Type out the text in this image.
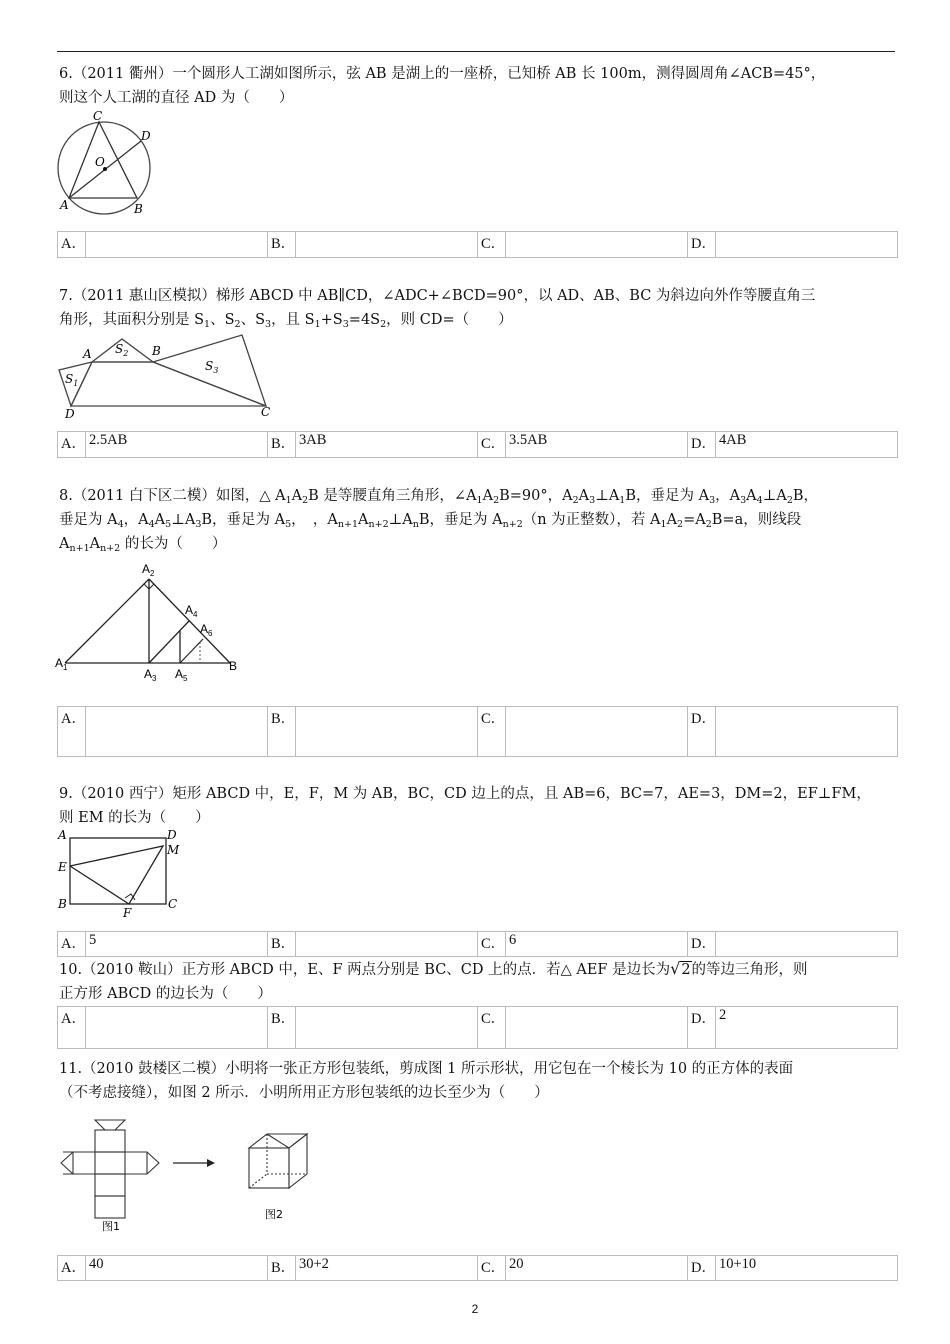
6.（2011 衢州）一个圆形人工湖如图所示，弦 AB 是湖上的一座桥，已知桥 AB 长 100m，测得圆周角∠ACB=45°，
则这个人工湖的直径 AD 为（　　）
C
D
O
A	B
A．		B．		C．		D．	
7.（2011 惠山区模拟）梯形 ABCD 中 AB∥CD，∠ADC+∠BCD=90°，以 AD、AB、BC 为斜边向外作等腰直角三
角形，其面积分别是 $S_1$、$S_2$、$S_3$，且 $S_1+S_3=4S_2$，则 CD=（　　）
A $S_2$ B
$S_1$
$S_3$
D	C
A．	2.5AB	B．	3AB	C．	3.5AB	D．	4AB
8.（2011 白下区二模）如图，△ $A_1A_2B$ 是等腰直角三角形，$\angle A_1A_2B=90^\circ$，$A_2A_3\perp A_1B$，垂足为 $A_3$，$A_3A_4\perp A_2B$，
垂足为 $A_4$，$A_4A_5\perp A_3B$，垂足为 $A_5$，　，$A_{n+1}A_{n+2}\perp A_nB$，垂足为 $A_{n+2}(n$ 为正整数），若 $A_1A_2=A_2B=a$，则线段
$A_{n+1}A_{n+2}$ 的长为（　　）
$A_2$
$A_4$
$A_6$
$A_1$	$A_3$ $A_5$
B
A．		B．		C．		D．	
9.（2010 西宁）矩形 ABCD 中，E，F，M 为 AB，BC，CD 边上的点，且 AB=6，BC=7，AE=3，DM=2，EF⊥FM，
则 EM 的长为（　　）
A	D
M
E
B
F
C
A．	5	B．		C．	6	D．	
10.（2010 鞍山）正方形 ABCD 中，E、F 两点分别是 BC、CD 上的点．若△ AEF 是边长为√2的等边三角形，则
正方形 ABCD 的边长为（　　）
A．		B．		C．		D．	2
11.（2010 鼓楼区二模）小明将一张正方形包装纸，剪成图 1 所示形状，用它包在一个棱长为 10 的正方体的表面
（不考虑接缝），如图 2 所示．小明所用正方形包装纸的边长至少为（　　）
图1
图2
A．	40	B．	30+2	C．	20	D．	10+10
2
